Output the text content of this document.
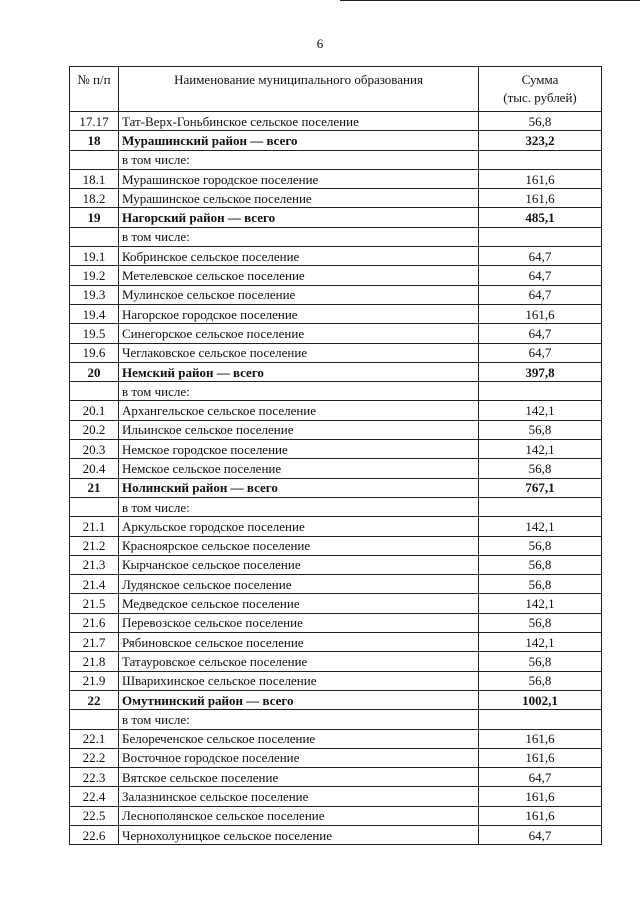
6
№ п/п	Наименование муниципального образования	Сумма
(тыс. рублей)

17.17	Тат-Верх-Гоньбинское сельское поселение	56,8
18	Мурашинский район — всего	323,2
	в том числе:	
18.1	Мурашинское городское поселение	161,6
18.2	Мурашинское сельское поселение	161,6
19	Нагорский район — всего	485,1
	в том числе:	
19.1	Кобринское сельское поселение	64,7
19.2	Метелевское сельское поселение	64,7
19.3	Мулинское сельское поселение	64,7
19.4	Нагорское городское поселение	161,6
19.5	Синегорское сельское поселение	64,7
19.6	Чеглаковское сельское поселение	64,7
20	Немский район — всего	397,8
	в том числе:	
20.1	Архангельское сельское поселение	142,1
20.2	Ильинское сельское поселение	56,8
20.3	Немское городское поселение	142,1
20.4	Немское сельское поселение	56,8
21	Нолинский район — всего	767,1
	в том числе:	
21.1	Аркульское городское поселение	142,1
21.2	Красноярское сельское поселение	56,8
21.3	Кырчанское сельское поселение	56,8
21.4	Лудянское сельское поселение	56,8
21.5	Медведское сельское поселение	142,1
21.6	Перевозское сельское поселение	56,8
21.7	Рябиновское сельское поселение	142,1
21.8	Татауровское сельское поселение	56,8
21.9	Шварихинское сельское поселение	56,8
22	Омутнинский район — всего	1002,1
	в том числе:	
22.1	Белореченское сельское поселение	161,6
22.2	Восточное городское поселение	161,6
22.3	Вятское сельское поселение	64,7
22.4	Залазнинское сельское поселение	161,6
22.5	Леснополянское сельское поселение	161,6
22.6	Чернохолуницкое сельское поселение	64,7
